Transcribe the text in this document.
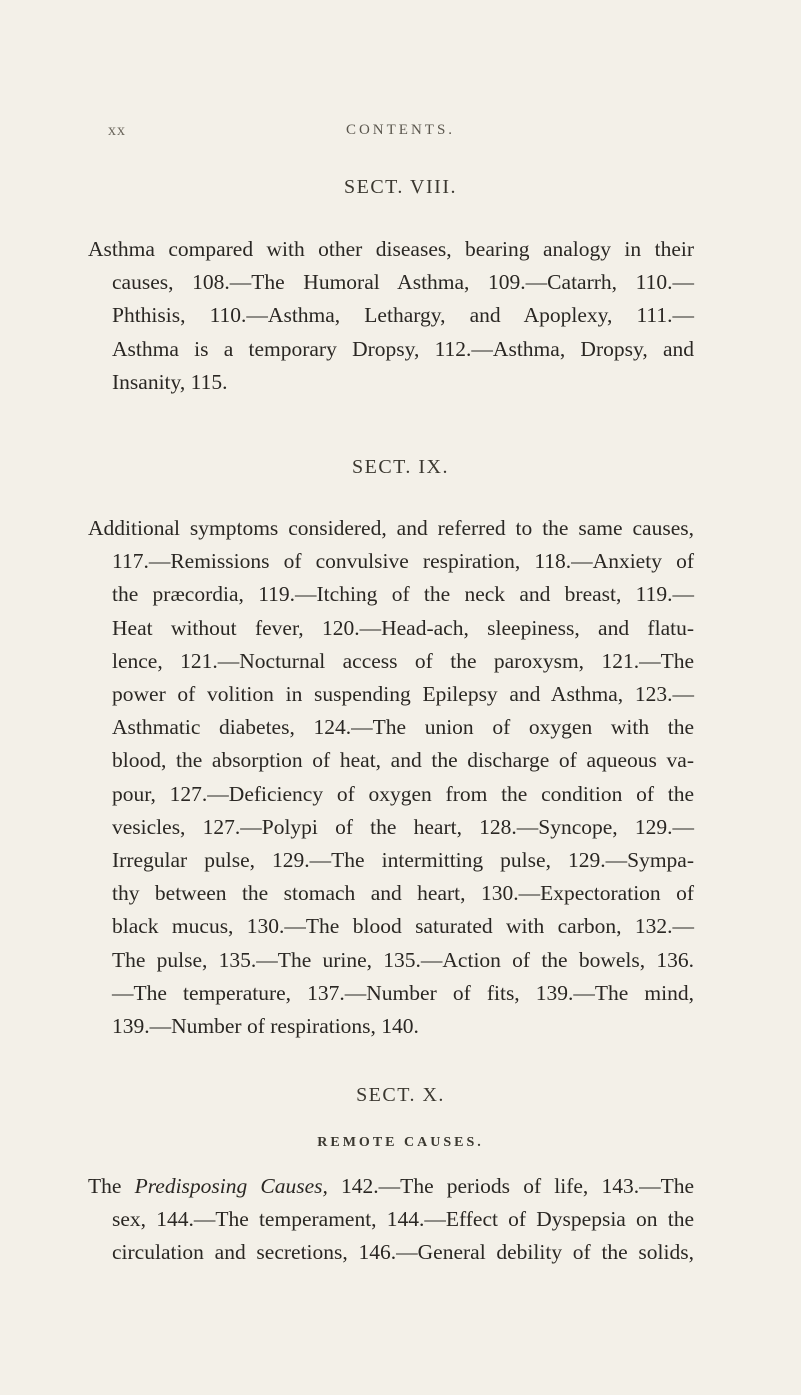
xx	CONTENTS.
SECT. VIII.
Asthma compared with other diseases, bearing analogy in their
causes, 108.—The Humoral Asthma, 109.—Catarrh, 110.—
Phthisis, 110.—Asthma, Lethargy, and Apoplexy, 111.—
Asthma is a temporary Dropsy, 112.—Asthma, Dropsy, and
Insanity, 115.
SECT. IX.
Additional symptoms considered, and referred to the same causes,
117.—Remissions of convulsive respiration, 118.—Anxiety of
the præcordia, 119.—Itching of the neck and breast, 119.—
Heat without fever, 120.—Head-ach, sleepiness, and flatu-
lence, 121.—Nocturnal access of the paroxysm, 121.—The
power of volition in suspending Epilepsy and Asthma, 123.—
Asthmatic diabetes, 124.—The union of oxygen with the
blood, the absorption of heat, and the discharge of aqueous va-
pour, 127.—Deficiency of oxygen from the condition of the
vesicles, 127.—Polypi of the heart, 128.—Syncope, 129.—
Irregular pulse, 129.—The intermitting pulse, 129.—Sympa-
thy between the stomach and heart, 130.—Expectoration of
black mucus, 130.—The blood saturated with carbon, 132.—
The pulse, 135.—The urine, 135.—Action of the bowels, 136.
—The temperature, 137.—Number of fits, 139.—The mind,
139.—Number of respirations, 140.
SECT. X.
REMOTE CAUSES.
The Predisposing Causes, 142.—The periods of life, 143.—The
sex, 144.—The temperament, 144.—Effect of Dyspepsia on the
circulation and secretions, 146.—General debility of the solids,
